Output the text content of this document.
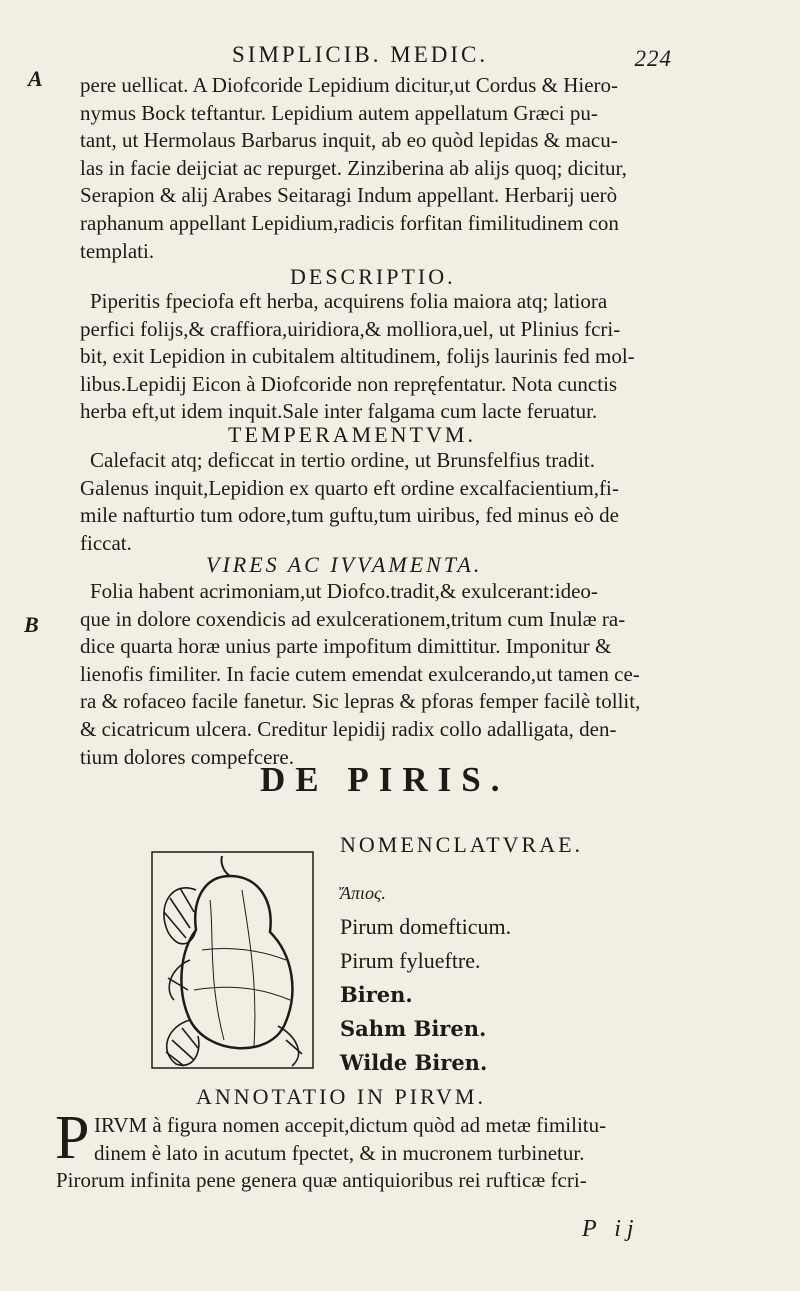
SIMPLICIB. MEDIC.	224
A
B
pere uellicat. A Diofcoride Lepidium dicitur,ut Cordus & Hiero-
nymus Bock teftantur. Lepidium autem appellatum Græci pu-
tant, ut Hermolaus Barbarus inquit, ab eo quòd lepidas & macu-
las in facie deijciat ac repurget. Zinziberina ab alijs quoq; dicitur,
Serapion & alij Arabes Seitaragi Indum appellant. Herbarij uerò
raphanum appellant Lepidium,radicis forfitan fimilitudinem con
templati.
DESCRIPTIO.
Piperitis fpeciofa eft herba, acquirens folia maiora atq; latiora
perfici folijs,& craffiora,uiridiora,& molliora,uel, ut Plinius fcri-
bit, exit Lepidion in cubitalem altitudinem, folijs laurinis fed mol-
libus.Lepidij Eicon à Diofcoride non repręfentatur. Nota cunctis
herba eft,ut idem inquit.Sale inter falgama cum lacte feruatur.
TEMPERAMENTVM.
Calefacit atq; deficcat in tertio ordine, ut Brunsfelfius tradit.
Galenus inquit,Lepidion ex quarto eft ordine excalfacientium,fi-
mile nafturtio tum odore,tum guftu,tum uiribus, fed minus eò de
ficcat.
VIRES AC IVVAMENTA.
Folia habent acrimoniam,ut Diofco.tradit,& exulcerant:ideo-
que in dolore coxendicis ad exulcerationem,tritum cum Inulæ ra-
dice quarta horæ unius parte impofitum dimittitur. Imponitur &
lienofis fimiliter. In facie cutem emendat exulcerando,ut tamen ce-
ra & rofaceo facile fanetur. Sic lepras & pforas femper facilè tollit,
& cicatricum ulcera. Creditur lepidij radix collo adalligata, den-
tium dolores compefcere.
DE PIRIS.
NOMENCLATVRAE.
Ἄπιος.
Pirum domefticum.
Pirum fylueftre.
Biren.
Sahm Biren.
Wilde Biren.
ANNOTATIO IN PIRVM.
P IRVM à figura nomen accepit,dictum quòd ad metæ fimilitu-
dinem è lato in acutum fpectet, & in mucronem turbinetur.
Pirorum infinita pene genera quæ antiquioribus rei rufticæ fcri-
P ij
